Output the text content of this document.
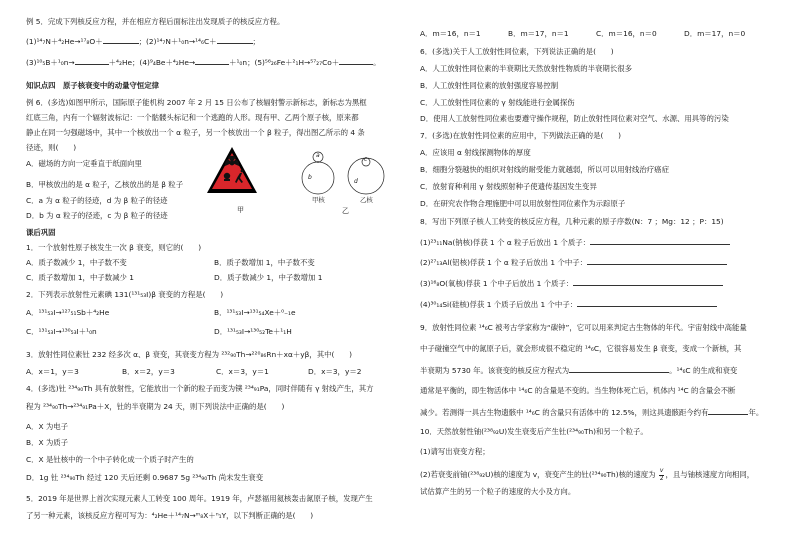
例 5．完成下列核反应方程，并在相应方程后面标注出发现质子的核反应方程。
(1)¹⁴₇N＋⁴₂He→¹⁷₈O＋	；(2)¹⁴₇N＋¹₀n→¹⁴₆C＋	；
(3)¹⁰₅B＋¹₀n→	＋⁴₂He；(4)⁹₄Be＋⁴₂He→	＋¹₀n；(5)⁵⁶₂₆Fe＋²₁H→⁵⁷₂₇Co＋	。
知识点四　原子核衰变中的动量守恒定律
例 6．(多选)如图甲所示，国际原子能机构 2007 年 2 月 15 日公布了核辐射警示新标志，新标志为黑框
红底三角，内有一个辐射波标记：一个骷髅头标记和一个逃跑的人形。现有甲、乙两个原子核，原来都
静止在同一匀强磁场中，其中一个核放出一个 α 粒子，另一个核放出一个 β 粒子，得出图乙所示的 4 条
径迹，则(　　)
A．磁场的方向一定垂直于纸面向里
B．甲核放出的是 α 粒子，乙核放出的是 β 粒子
C．a 为 α 粒子的径迹，d 为 β 粒子的径迹
D．b 为 α 粒子的径迹，c 为 β 粒子的径迹
甲
a
b
c
d
甲核	乙核
乙
课后巩固
1．一个放射性原子核发生一次 β 衰变，则它的(　　)
A．质子数减少 1，中子数不变	B．质子数增加 1，中子数不变
C．质子数增加 1，中子数减少 1	D．质子数减少 1，中子数增加 1
2．下列表示放射性元素碘 131(¹³¹₅₃I)β 衰变的方程是(　　)
A．¹³¹₅₃I→¹²⁷₅₁Sb＋⁴₂He	B．¹³¹₅₃I→¹³¹₅₄Xe＋⁰₋₁e
C．¹³¹₅₃I→¹³⁰₅₃I＋¹₀n	D．¹³¹₅₃I→¹³⁰₅₂Te＋¹₁H
3．放射性同位素钍 232 经多次 α、β 衰变，其衰变方程为 ²³²₉₀Th→²²⁰₈₆Rn＋xα＋yβ，其中(　　)
A．x＝1，y＝3	B．x＝2，y＝3	C．x＝3，y＝1	D．x＝3，y＝2
4．(多选)钍 ²³⁴₉₀Th 具有放射性，它能放出一个新的粒子而变为镤 ²³⁴₉₁Pa，同时伴随有 γ 射线产生，其方
程为 ²³⁴₉₀Th→²³⁴₉₁Pa＋X，钍的半衰期为 24 天，则下列说法中正确的是(　　)
A．X 为电子
B．X 为质子
C．X 是钍核中的一个中子转化成一个质子时产生的
D．1g 钍 ²³⁴₉₀Th 经过 120 天后还剩 0.9687 5g ²³⁴₉₀Th 尚未发生衰变
5．2019 年是世界上首次实现元素人工转变 100 周年。1919 年，卢瑟福用氦核轰击氮原子核，发现产生
了另一种元素，该核反应方程可写为：⁴₂He＋¹⁴₇N→ᵐ₈X＋ⁿ₁Y，以下判断正确的是(　　)
A．m＝16，n＝1	B．m＝17，n＝1	C．m＝16，n＝0	D．m＝17，n＝0
6．(多选)关于人工放射性同位素，下列说法正确的是(　　)
A．人工放射性同位素的半衰期比天然放射性物质的半衰期长很多
B．人工放射性同位素的放射强度容易控制
C．人工放射性同位素的 γ 射线能进行金属探伤
D．使用人工放射性同位素也要遵守操作规程，防止放射性同位素对空气、水源、用具等的污染
7．(多选)在放射性同位素的应用中，下列做法正确的是(　　)
A．应该用 α 射线探测物体的厚度
B．细胞分裂越快的组织对射线的耐受能力就越弱，所以可以用射线治疗癌症
C．放射育种利用 γ 射线照射种子使遗传基因发生变异
D．在研究农作物合理施肥中可以用放射性同位素作为示踪原子
8．写出下列原子核人工转变的核反应方程，几种元素的原子序数(N：7 ；Mg：12 ；P：15)
(1)²³₁₁Na(钠核)俘获 1 个 α 粒子后放出 1 个质子：
(2)²⁷₁₃Al(铝核)俘获 1 个 α 粒子后放出 1 个中子：
(3)¹⁶₈O(氧核)俘获 1 个中子后放出 1 个质子：
(4)³⁰₁₄Si(硅核)俘获 1 个质子后放出 1 个中子：
9．放射性同位素 ¹⁴₆C 被考古学家称为“碳钟”，它可以用来判定古生物体的年代。宇宙射线中高能量
中子碰撞空气中的氮原子后，就会形成很不稳定的 ¹⁴₆C，它很容易发生 β 衰变，变成一个新核，其
半衰期为 5730 年。该衰变的核反应方程式为	。¹⁴₆C 的生成和衰变
通常是平衡的，即生物活体中 ¹⁴₆C 的含量是不变的。当生物体死亡后，机体内 ¹⁴C 的含量会不断
减少。若测得一具古生物遗骸中 ¹⁴₆C 的含量只有活体中的 12.5%，则这具遗骸距今约有	年。
10．天然放射性铀(²³⁸₉₂U)发生衰变后产生钍(²³⁴₉₀Th)和另一个粒子。
(1)请写出衰变方程；
(2)若衰变前铀(²³⁸₉₂U)核的速度为 v，衰变产生的钍(²³⁴₉₀Th)核的速度为 $\frac{v}{2}$ ，且与铀核速度方向相同，
试估算产生的另一个粒子的速度的大小及方向。
